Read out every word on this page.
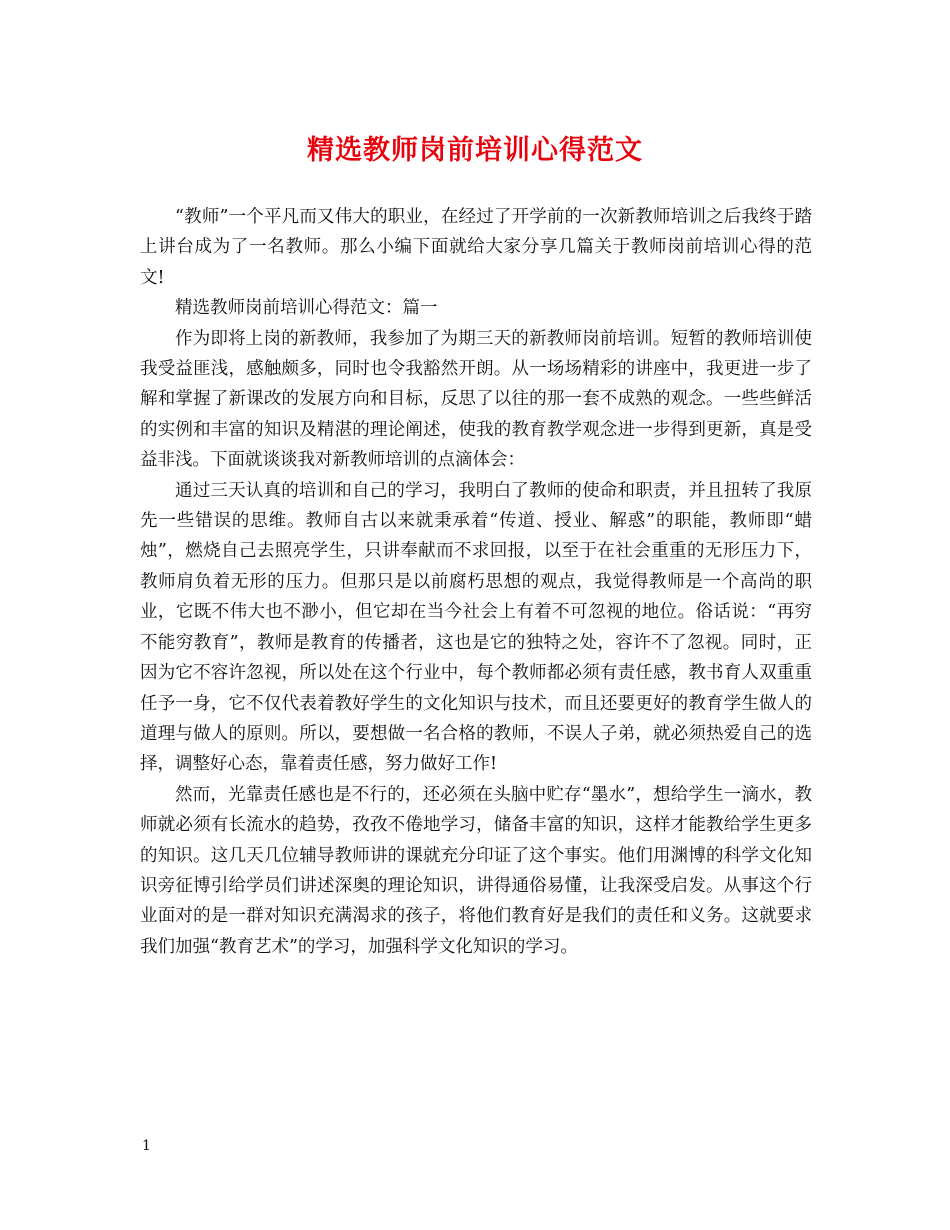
精选教师岗前培训心得范文

“教师”一个平凡而又伟大的职业，在经过了开学前的一次新教师培训之后我终于踏上讲台成为了一名教师。那么小编下面就给大家分享几篇关于教师岗前培训心得的范文!

精选教师岗前培训心得范文：篇一

作为即将上岗的新教师，我参加了为期三天的新教师岗前培训。短暂的教师培训使我受益匪浅，感触颇多，同时也令我豁然开朗。从一场场精彩的讲座中，我更进一步了解和掌握了新课改的发展方向和目标，反思了以往的那一套不成熟的观念。一些些鲜活的实例和丰富的知识及精湛的理论阐述，使我的教育教学观念进一步得到更新，真是受益非浅。下面就谈谈我对新教师培训的点滴体会：

通过三天认真的培训和自己的学习，我明白了教师的使命和职责，并且扭转了我原先一些错误的思维。教师自古以来就秉承着“传道、授业、解惑”的职能，教师即“蜡烛”，燃烧自己去照亮学生，只讲奉献而不求回报，以至于在社会重重的无形压力下，教师肩负着无形的压力。但那只是以前腐朽思想的观点，我觉得教师是一个高尚的职业，它既不伟大也不渺小，但它却在当今社会上有着不可忽视的地位。俗话说：“再穷不能穷教育”，教师是教育的传播者，这也是它的独特之处，容许不了忽视。同时，正因为它不容许忽视，所以处在这个行业中，每个教师都必须有责任感，教书育人双重重任予一身，它不仅代表着教好学生的文化知识与技术，而且还要更好的教育学生做人的道理与做人的原则。所以，要想做一名合格的教师，不误人子弟，就必须热爱自己的选择，调整好心态，靠着责任感，努力做好工作!

然而，光靠责任感也是不行的，还必须在头脑中贮存“墨水”，想给学生一滴水，教师就必须有长流水的趋势，孜孜不倦地学习，储备丰富的知识，这样才能教给学生更多的知识。这几天几位辅导教师讲的课就充分印证了这个事实。他们用渊博的科学文化知识旁征博引给学员们讲述深奥的理论知识，讲得通俗易懂，让我深受启发。从事这个行业面对的是一群对知识充满渴求的孩子，将他们教育好是我们的责任和义务。这就要求我们加强“教育艺术”的学习，加强科学文化知识的学习。

1
